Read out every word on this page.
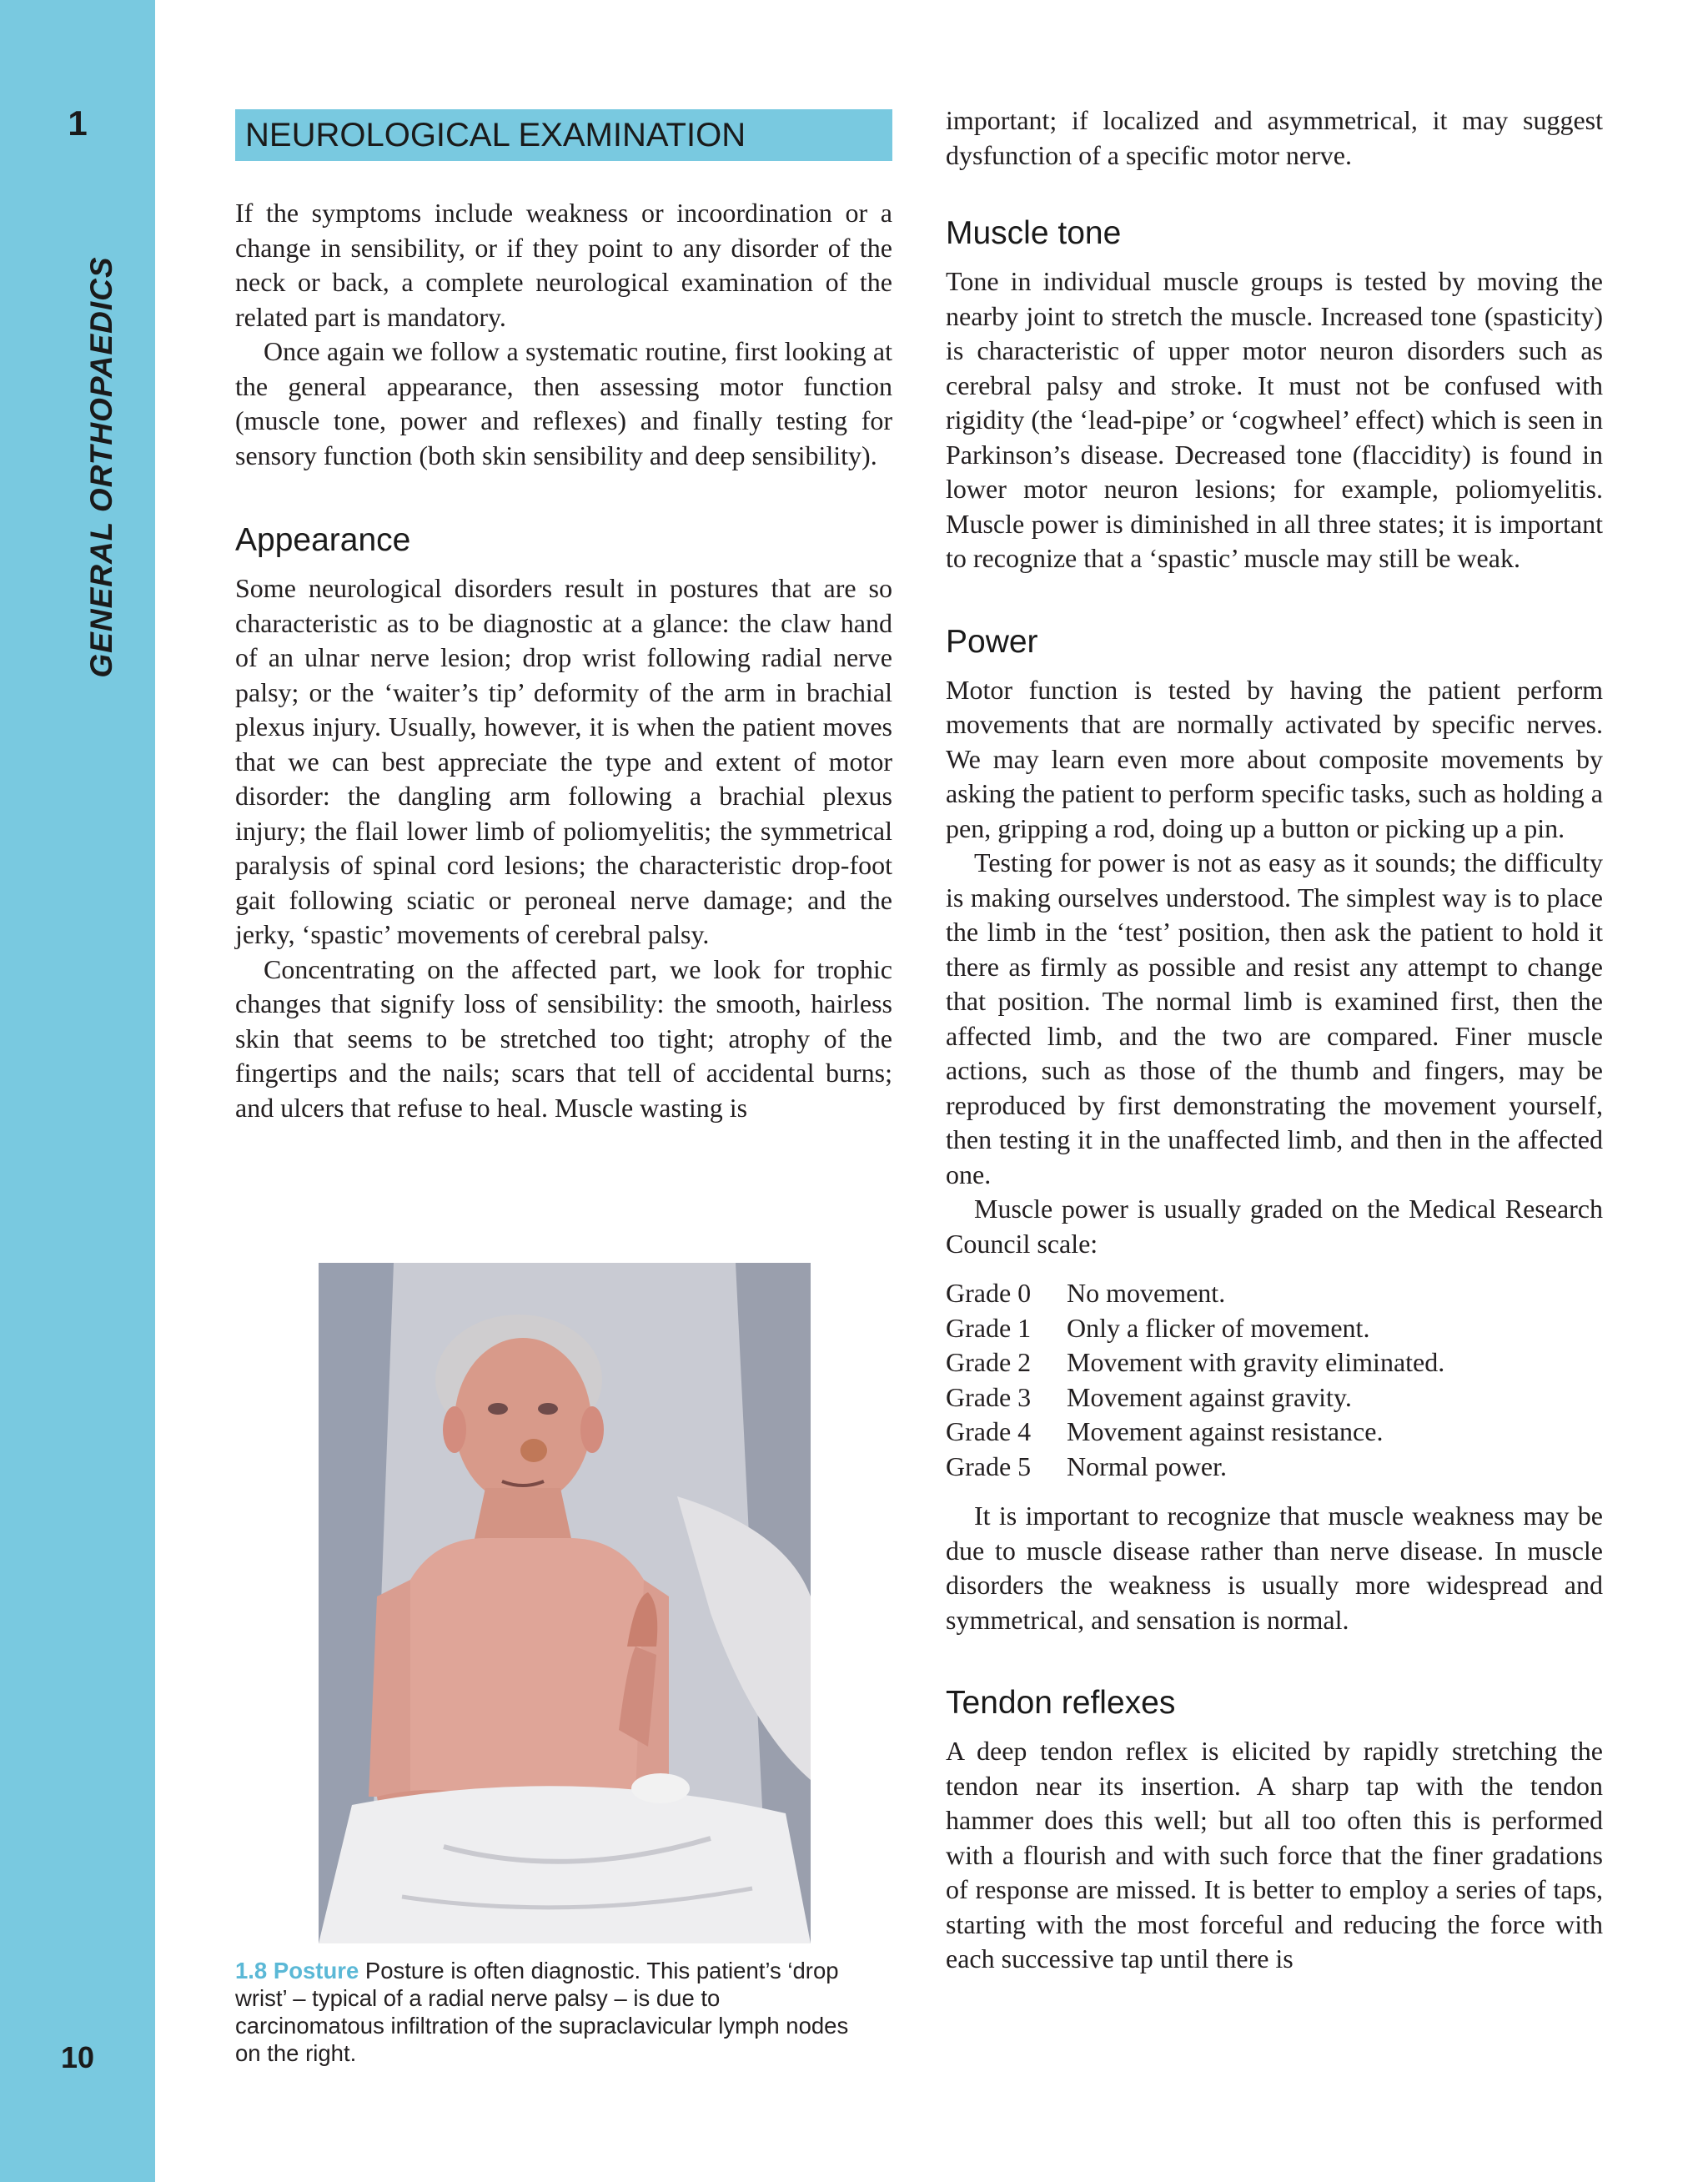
1
GENERAL ORTHOPAEDICS
10
NEUROLOGICAL EXAMINATION

If the symptoms include weakness or incoordination or a change in sensibility, or if they point to any disorder of the neck or back, a complete neurological examination of the related part is mandatory.

Once again we follow a systematic routine, first looking at the general appearance, then assessing motor function (muscle tone, power and reflexes) and finally testing for sensory function (both skin sensibility and deep sensibility).

Appearance

Some neurological disorders result in postures that are so characteristic as to be diagnostic at a glance: the claw hand of an ulnar nerve lesion; drop wrist following radial nerve palsy; or the ‘waiter’s tip’ deformity of the arm in brachial plexus injury. Usually, however, it is when the patient moves that we can best appreciate the type and extent of motor disorder: the dangling arm following a brachial plexus injury; the flail lower limb of poliomyelitis; the symmetrical paralysis of spinal cord lesions; the characteristic drop-foot gait following sciatic or peroneal nerve damage; and the jerky, ‘spastic’ movements of cerebral palsy.

Concentrating on the affected part, we look for trophic changes that signify loss of sensibility: the smooth, hairless skin that seems to be stretched too tight; atrophy of the fingertips and the nails; scars that tell of accidental burns; and ulcers that refuse to heal. Muscle wasting is

1.8 Posture Posture is often diagnostic. This patient’s ‘drop wrist’ – typical of a radial nerve palsy – is due to carcinomatous infiltration of the supraclavicular lymph nodes on the right.

important; if localized and asymmetrical, it may suggest dysfunction of a specific motor nerve.

Muscle tone

Tone in individual muscle groups is tested by moving the nearby joint to stretch the muscle. Increased tone (spasticity) is characteristic of upper motor neuron disorders such as cerebral palsy and stroke. It must not be confused with rigidity (the ‘lead-pipe’ or ‘cogwheel’ effect) which is seen in Parkinson’s disease. Decreased tone (flaccidity) is found in lower motor neuron lesions; for example, poliomyelitis. Muscle power is diminished in all three states; it is important to recognize that a ‘spastic’ muscle may still be weak.

Power

Motor function is tested by having the patient perform movements that are normally activated by specific nerves. We may learn even more about composite movements by asking the patient to perform specific tasks, such as holding a pen, gripping a rod, doing up a button or picking up a pin.

Testing for power is not as easy as it sounds; the difficulty is making ourselves understood. The simplest way is to place the limb in the ‘test’ position, then ask the patient to hold it there as firmly as possible and resist any attempt to change that position. The normal limb is examined first, then the affected limb, and the two are compared. Finer muscle actions, such as those of the thumb and fingers, may be reproduced by first demonstrating the movement yourself, then testing it in the unaffected limb, and then in the affected one.

Muscle power is usually graded on the Medical Research Council scale:

Grade 0	No movement.
Grade 1	Only a flicker of movement.
Grade 2	Movement with gravity eliminated.
Grade 3	Movement against gravity.
Grade 4	Movement against resistance.
Grade 5	Normal power.

It is important to recognize that muscle weakness may be due to muscle disease rather than nerve disease. In muscle disorders the weakness is usually more widespread and symmetrical, and sensation is normal.

Tendon reflexes

A deep tendon reflex is elicited by rapidly stretching the tendon near its insertion. A sharp tap with the tendon hammer does this well; but all too often this is performed with a flourish and with such force that the finer gradations of response are missed. It is better to employ a series of taps, starting with the most forceful and reducing the force with each successive tap until there is
